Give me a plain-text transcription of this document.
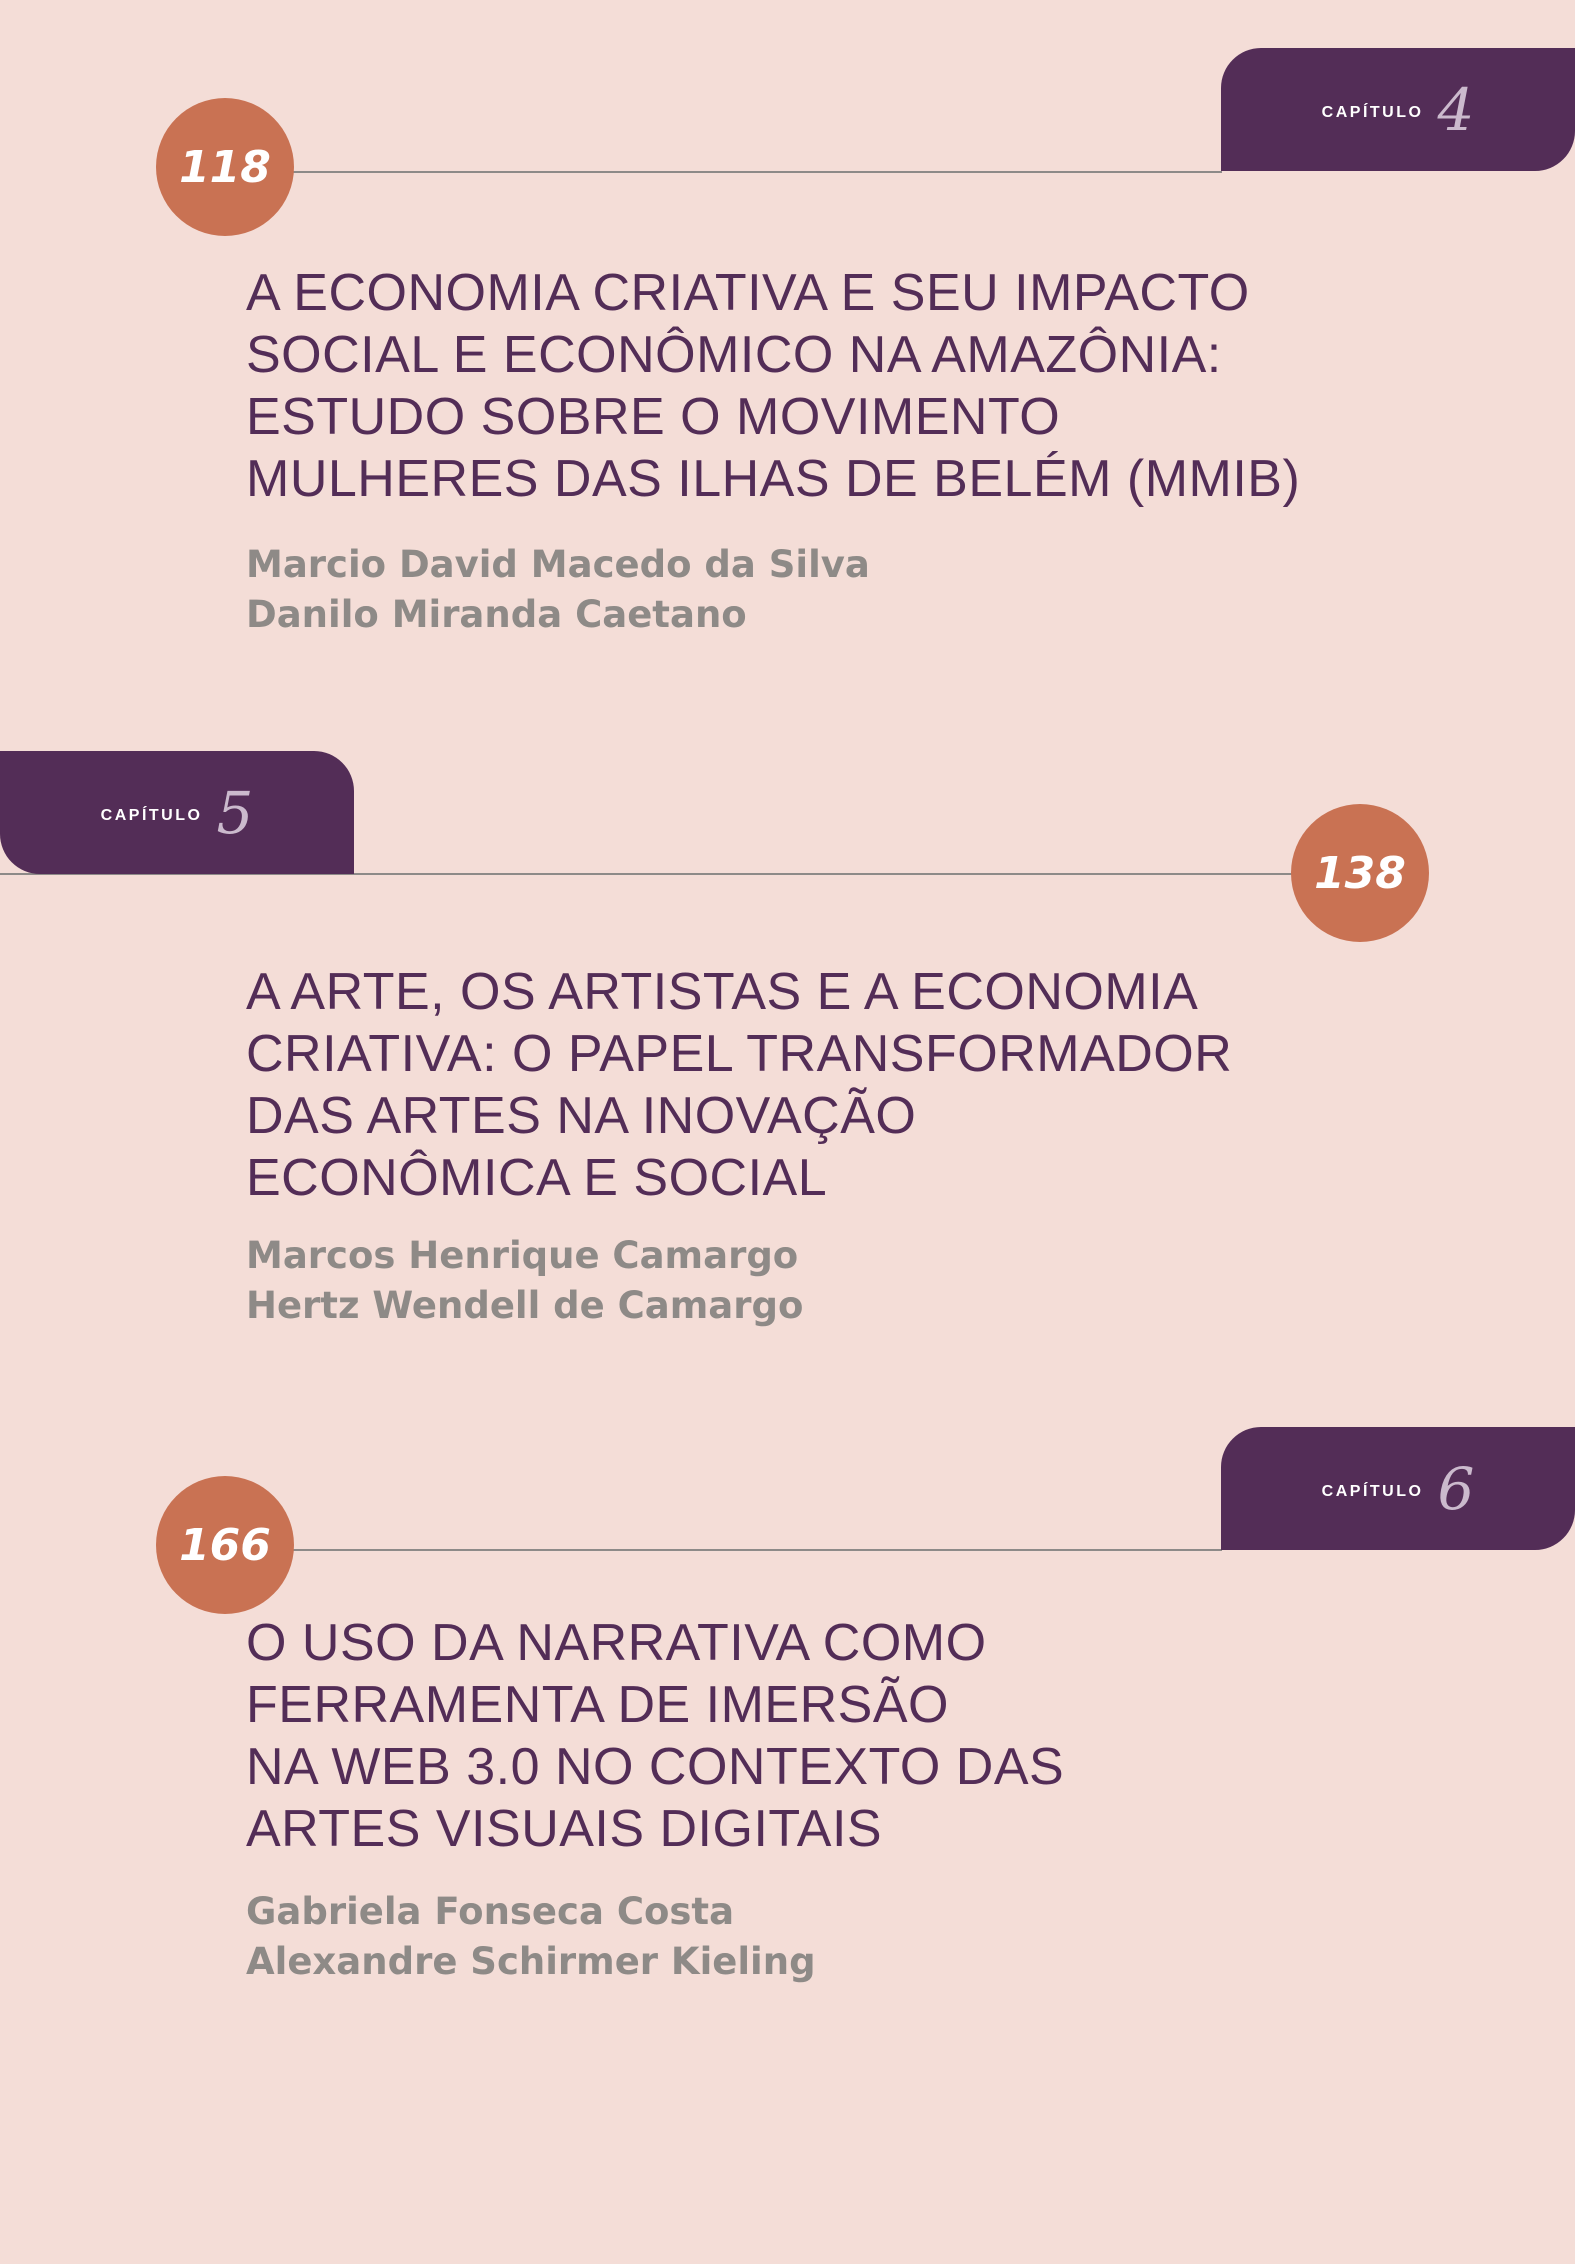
CAPÍTULO 4
118
A ECONOMIA CRIATIVA E SEU IMPACTO
SOCIAL E ECONÔMICO NA AMAZÔNIA:
ESTUDO SOBRE O MOVIMENTO
MULHERES DAS ILHAS DE BELÉM (MMIB)
Marcio David Macedo da Silva
Danilo Miranda Caetano
CAPÍTULO 5
138
A ARTE, OS ARTISTAS E A ECONOMIA
CRIATIVA: O PAPEL TRANSFORMADOR
DAS ARTES NA INOVAÇÃO
ECONÔMICA E SOCIAL
Marcos Henrique Camargo
Hertz Wendell de Camargo
CAPÍTULO 6
166
O USO DA NARRATIVA COMO
FERRAMENTA DE IMERSÃO
NA WEB 3.0 NO CONTEXTO DAS
ARTES VISUAIS DIGITAIS
Gabriela Fonseca Costa
Alexandre Schirmer Kieling
